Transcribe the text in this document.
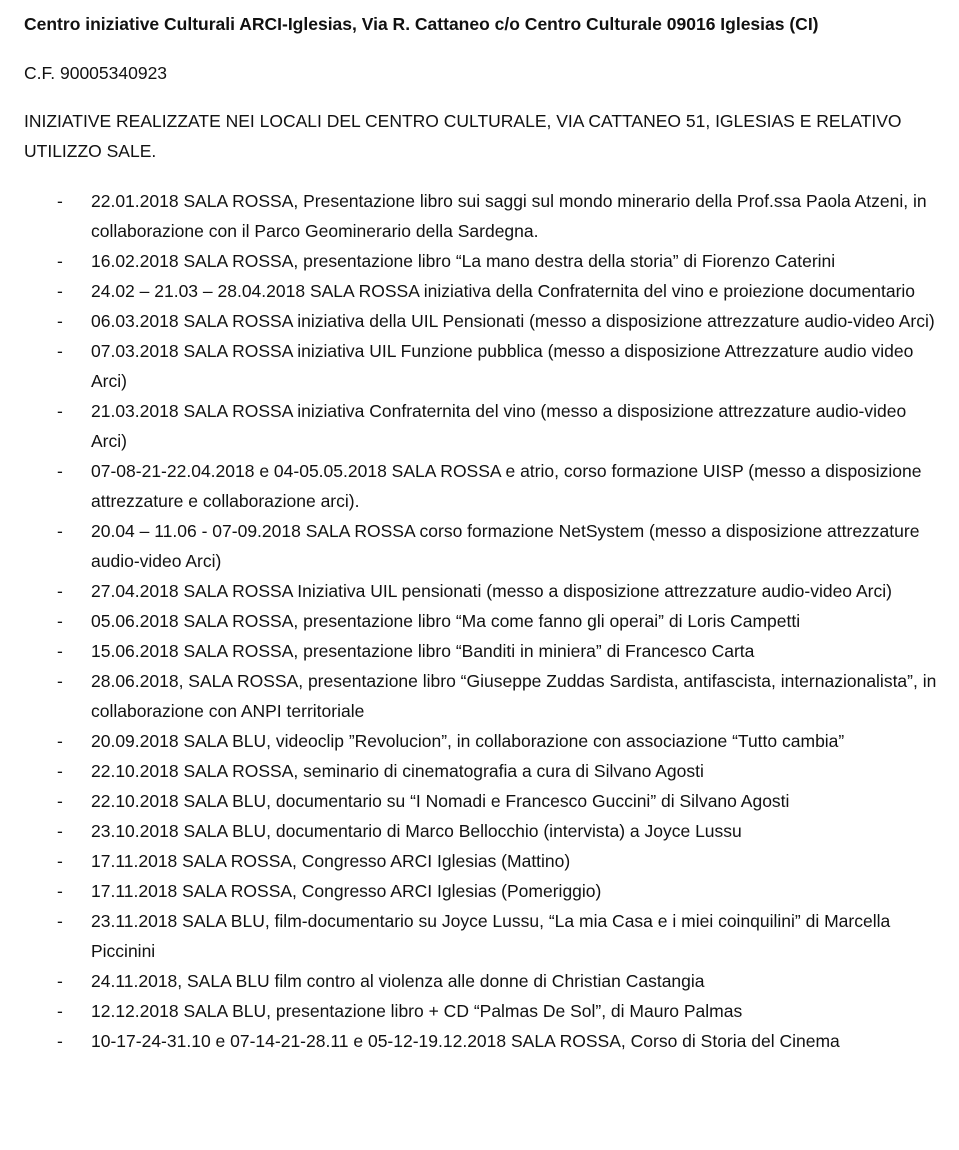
Centro iniziative Culturali ARCI-Iglesias, Via R. Cattaneo c/o Centro Culturale 09016 Iglesias (CI)

C.F. 90005340923

INIZIATIVE REALIZZATE NEI LOCALI DEL CENTRO CULTURALE, VIA CATTANEO 51, IGLESIAS E RELATIVO UTILIZZO SALE.

- 22.01.2018 SALA ROSSA, Presentazione libro sui saggi sul mondo minerario della Prof.ssa Paola Atzeni, in collaborazione con il Parco Geominerario della Sardegna.
- 16.02.2018 SALA ROSSA, presentazione libro “La mano destra della storia” di Fiorenzo Caterini
- 24.02 – 21.03 – 28.04.2018 SALA ROSSA iniziativa della Confraternita del vino e proiezione documentario
- 06.03.2018 SALA ROSSA iniziativa della UIL Pensionati (messo a disposizione attrezzature audio-video Arci)
- 07.03.2018 SALA ROSSA iniziativa UIL Funzione pubblica (messo a disposizione Attrezzature audio video Arci)
- 21.03.2018 SALA ROSSA iniziativa Confraternita del vino (messo a disposizione attrezzature audio-video Arci)
- 07-08-21-22.04.2018 e 04-05.05.2018 SALA ROSSA e atrio, corso formazione UISP (messo a disposizione attrezzature e collaborazione arci).
- 20.04 – 11.06 - 07-09.2018 SALA ROSSA corso formazione NetSystem (messo a disposizione attrezzature audio-video Arci)
- 27.04.2018 SALA ROSSA Iniziativa UIL pensionati (messo a disposizione attrezzature audio-video Arci)
- 05.06.2018 SALA ROSSA, presentazione libro “Ma come fanno gli operai” di Loris Campetti
- 15.06.2018 SALA ROSSA, presentazione libro “Banditi in miniera” di Francesco Carta
- 28.06.2018, SALA ROSSA, presentazione libro “Giuseppe Zuddas Sardista, antifascista, internazionalista”, in collaborazione con ANPI territoriale
- 20.09.2018 SALA BLU, videoclip ”Revolucion”, in collaborazione con associazione “Tutto cambia”
- 22.10.2018 SALA ROSSA, seminario di cinematografia a cura di Silvano Agosti
- 22.10.2018 SALA BLU, documentario su “I Nomadi e Francesco Guccini” di Silvano Agosti
- 23.10.2018 SALA BLU, documentario di Marco Bellocchio (intervista) a Joyce Lussu
- 17.11.2018 SALA ROSSA, Congresso ARCI Iglesias (Mattino)
- 17.11.2018 SALA ROSSA, Congresso ARCI Iglesias (Pomeriggio)
- 23.11.2018 SALA BLU, film-documentario su Joyce Lussu, “La mia Casa e i miei coinquilini” di Marcella Piccinini
- 24.11.2018, SALA BLU film contro al violenza alle donne di Christian Castangia
- 12.12.2018 SALA BLU, presentazione libro + CD “Palmas De Sol”, di Mauro Palmas
- 10-17-24-31.10 e 07-14-21-28.11 e 05-12-19.12.2018 SALA ROSSA, Corso di Storia del Cinema
